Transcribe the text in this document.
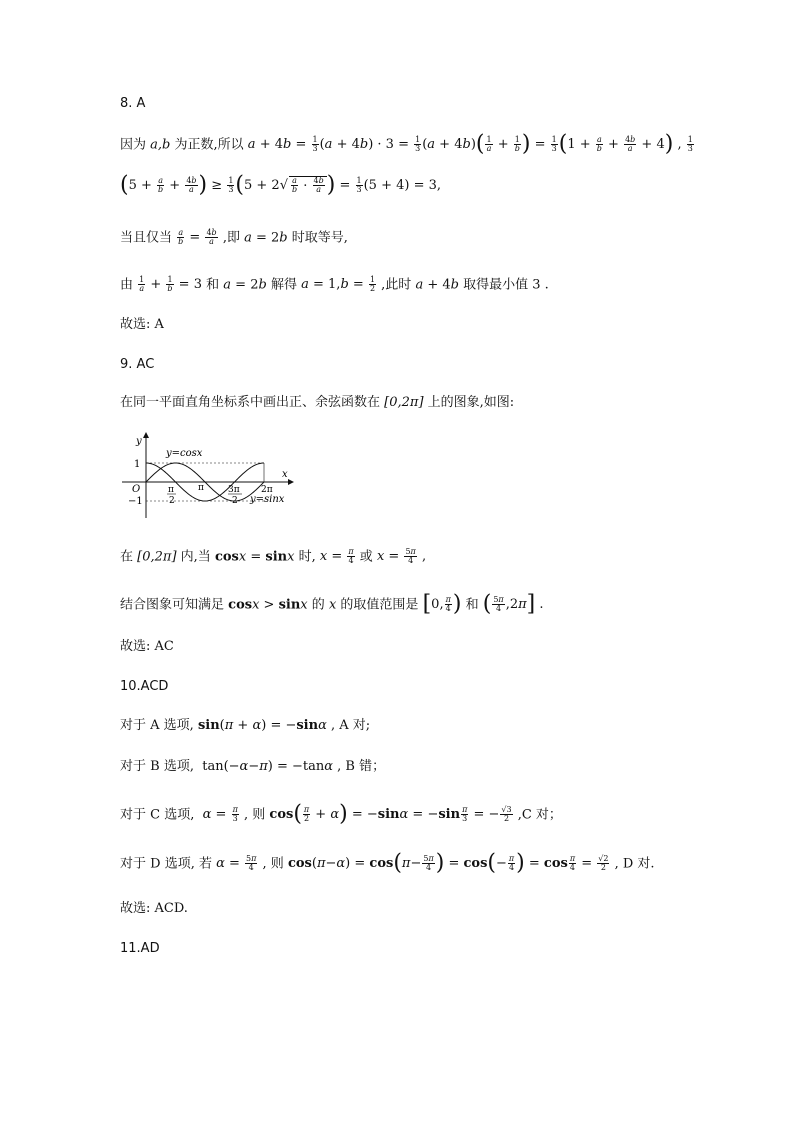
8. A
因为 a,b 为正数,所以 $a + 4b = \frac{1}{3} (a + 4b) \cdot 3 = \frac{1}{3} (a + 4b)( \frac{1}{a} + \frac{1}{b}$ ) = $\frac{1}{3} (1 + \frac{a}{b} + \frac{4b}{a} + 4)$ , $\frac{1}{3}$
($5 + \frac{a}{b} + \frac{4b}{a}$ ) ≥ $\frac{1}{3} (5 + 2√ \frac{a}{b} \cdot \frac{4b}{a}$ ) = $\frac{1}{3} (5 + 4) = 3$,
当且仅当 $\frac{a}{b} = \frac{4b}{a}$ ,即 a = 2b 时取等号,
由 $\frac{1}{a} + \frac{1}{b} = 3$ 和 a = 2b 解得 $a = 1,b = \frac{1}{2}$ ,此时 a + 4b 取得最小值 3 .
故选: A
9. AC
在同一平面直角坐标系中画出正、余弦函数在 [0,2π] 上的图象,如图:
y
x
1
−1
O	π
2
π	3π
2
2π
y=cosx
y=sinx
在 [0,2π] 内,当 cosx = sinx 时, $x = \frac{\pi}{4}$ 或 $x = \frac{5\pi}{4}$ ,
结合图象可知满足 cosx > sinx 的 x 的取值范围是 [0, $\frac{\pi}{4}$ ) 和 ( $\frac{5\pi}{4} ,2\pi$] .
故选: AC
10.ACD
对于 A 选项, sin(π + α) = −sinα , A 对;
对于 B 选项,  tan(−α−π) = −tanα , B 错；
对于 C 选项, $\alpha = \frac{\pi}{3}$ , 则 $\cos( \frac{\pi}{2} + \alpha) = -\sin\alpha = -\sin \frac{\pi}{3}$ = − $\frac{√3}{2} ,C$ 对；
对于 D 选项, 若 $\alpha = \frac{5\pi}{4}$ , 则 $\cos(\pi-\alpha) = \cos(\pi- \frac{5\pi}{4}$ ) = $\cos(- \frac{\pi}{4}$ ) = $\cos \frac{\pi}{4} = \frac{√2}{2}$ , D 对.
故选: ACD.
11.AD
